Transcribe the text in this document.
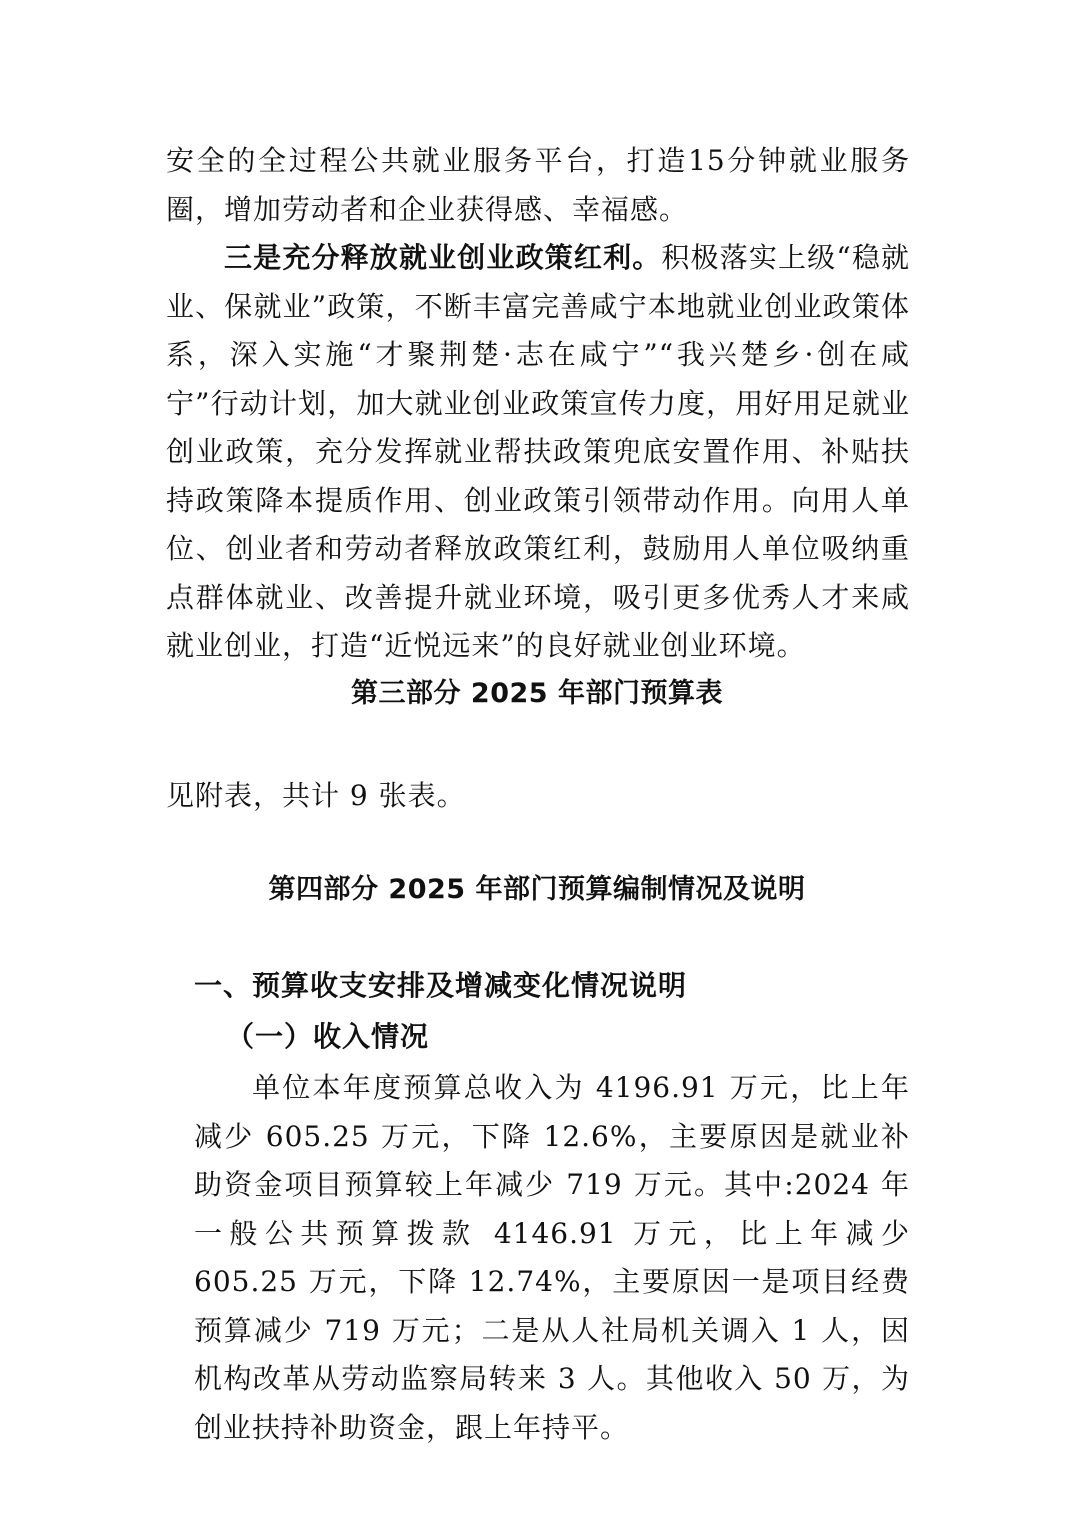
安全的全过程公共就业服务平台，打造15分钟就业服务圈，增加劳动者和企业获得感、幸福感。

三是充分释放就业创业政策红利。积极落实上级“稳就业、保就业”政策，不断丰富完善咸宁本地就业创业政策体系，深入实施“才聚荆楚·志在咸宁”“我兴楚乡·创在咸宁”行动计划，加大就业创业政策宣传力度，用好用足就业创业政策，充分发挥就业帮扶政策兜底安置作用、补贴扶持政策降本提质作用、创业政策引领带动作用。向用人单位、创业者和劳动者释放政策红利，鼓励用人单位吸纳重点群体就业、改善提升就业环境，吸引更多优秀人才来咸就业创业，打造“近悦远来”的良好就业创业环境。

第三部分 2025 年部门预算表

见附表，共计 9 张表。

第四部分 2025 年部门预算编制情况及说明
一、预算收支安排及增减变化情况说明
（一）收入情况

单位本年度预算总收入为 4196.91 万元，比上年减少 605.25 万元，下降 12.6%，主要原因是就业补助资金项目预算较上年减少 719 万元。其中:2024 年一般公共预算拨款 4146.91 万元，比上年减少 605.25 万元，下降 12.74%，主要原因一是项目经费预算减少 719 万元；二是从人社局机关调入 1 人，因机构改革从劳动监察局转来 3 人。其他收入 50 万，为创业扶持补助资金，跟上年持平。
